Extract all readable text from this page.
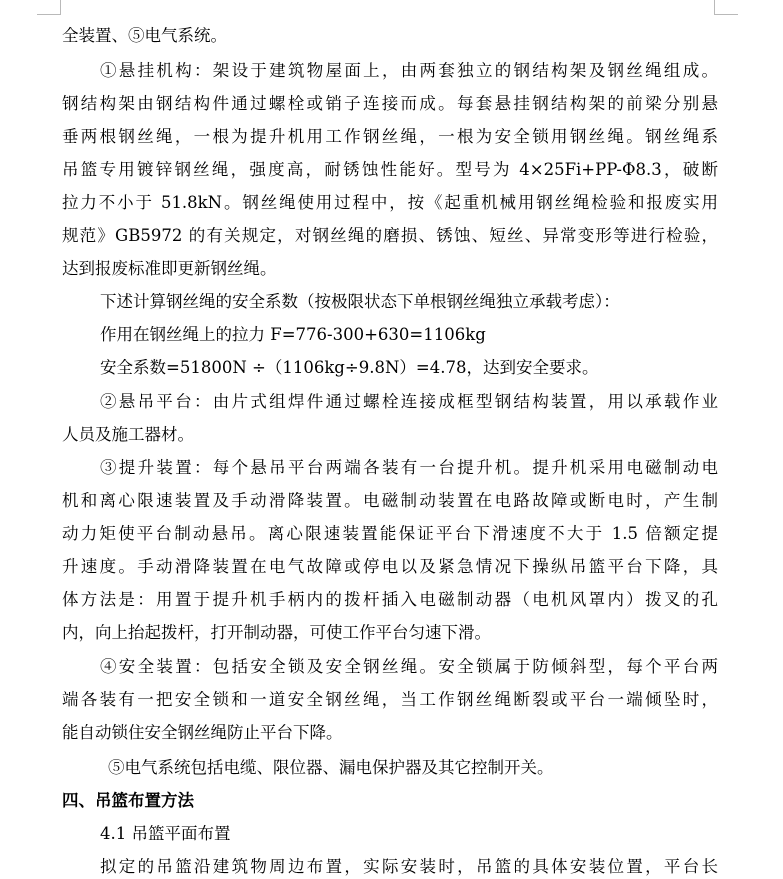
全装置、⑤电气系统。
①悬挂机构：架设于建筑物屋面上，由两套独立的钢结构架及钢丝绳组成。
钢结构架由钢结构件通过螺栓或销子连接而成。每套悬挂钢结构架的前梁分别悬
垂两根钢丝绳，一根为提升机用工作钢丝绳，一根为安全锁用钢丝绳。钢丝绳系
吊篮专用镀锌钢丝绳，强度高，耐锈蚀性能好。型号为 4×25Fi+PP-Φ8.3，破断
拉力不小于 51.8kN。钢丝绳使用过程中，按《起重机械用钢丝绳检验和报废实用
规范》GB5972 的有关规定，对钢丝绳的磨损、锈蚀、短丝、异常变形等进行检验，
达到报废标准即更新钢丝绳。
下述计算钢丝绳的安全系数（按极限状态下单根钢丝绳独立承载考虑）：
作用在钢丝绳上的拉力 F=776-300+630=1106kg
安全系数=51800N ÷（1106kg÷9.8N）=4.78，达到安全要求。
②悬吊平台：由片式组焊件通过螺栓连接成框型钢结构装置，用以承载作业
人员及施工器材。
③提升装置：每个悬吊平台两端各装有一台提升机。提升机采用电磁制动电
机和离心限速装置及手动滑降装置。电磁制动装置在电路故障或断电时，产生制
动力矩使平台制动悬吊。离心限速装置能保证平台下滑速度不大于 1.5 倍额定提
升速度。手动滑降装置在电气故障或停电以及紧急情况下操纵吊篮平台下降，具
体方法是：用置于提升机手柄内的拨杆插入电磁制动器（电机风罩内）拨叉的孔
内，向上抬起拨杆，打开制动器，可使工作平台匀速下滑。
④安全装置：包括安全锁及安全钢丝绳。安全锁属于防倾斜型，每个平台两
端各装有一把安全锁和一道安全钢丝绳，当工作钢丝绳断裂或平台一端倾坠时，
能自动锁住安全钢丝绳防止平台下降。
⑤电气系统包括电缆、限位器、漏电保护器及其它控制开关。
四、吊篮布置方法
4.1 吊篮平面布置
拟定的吊篮沿建筑物周边布置，实际安装时，吊篮的具体安装位置，平台长
